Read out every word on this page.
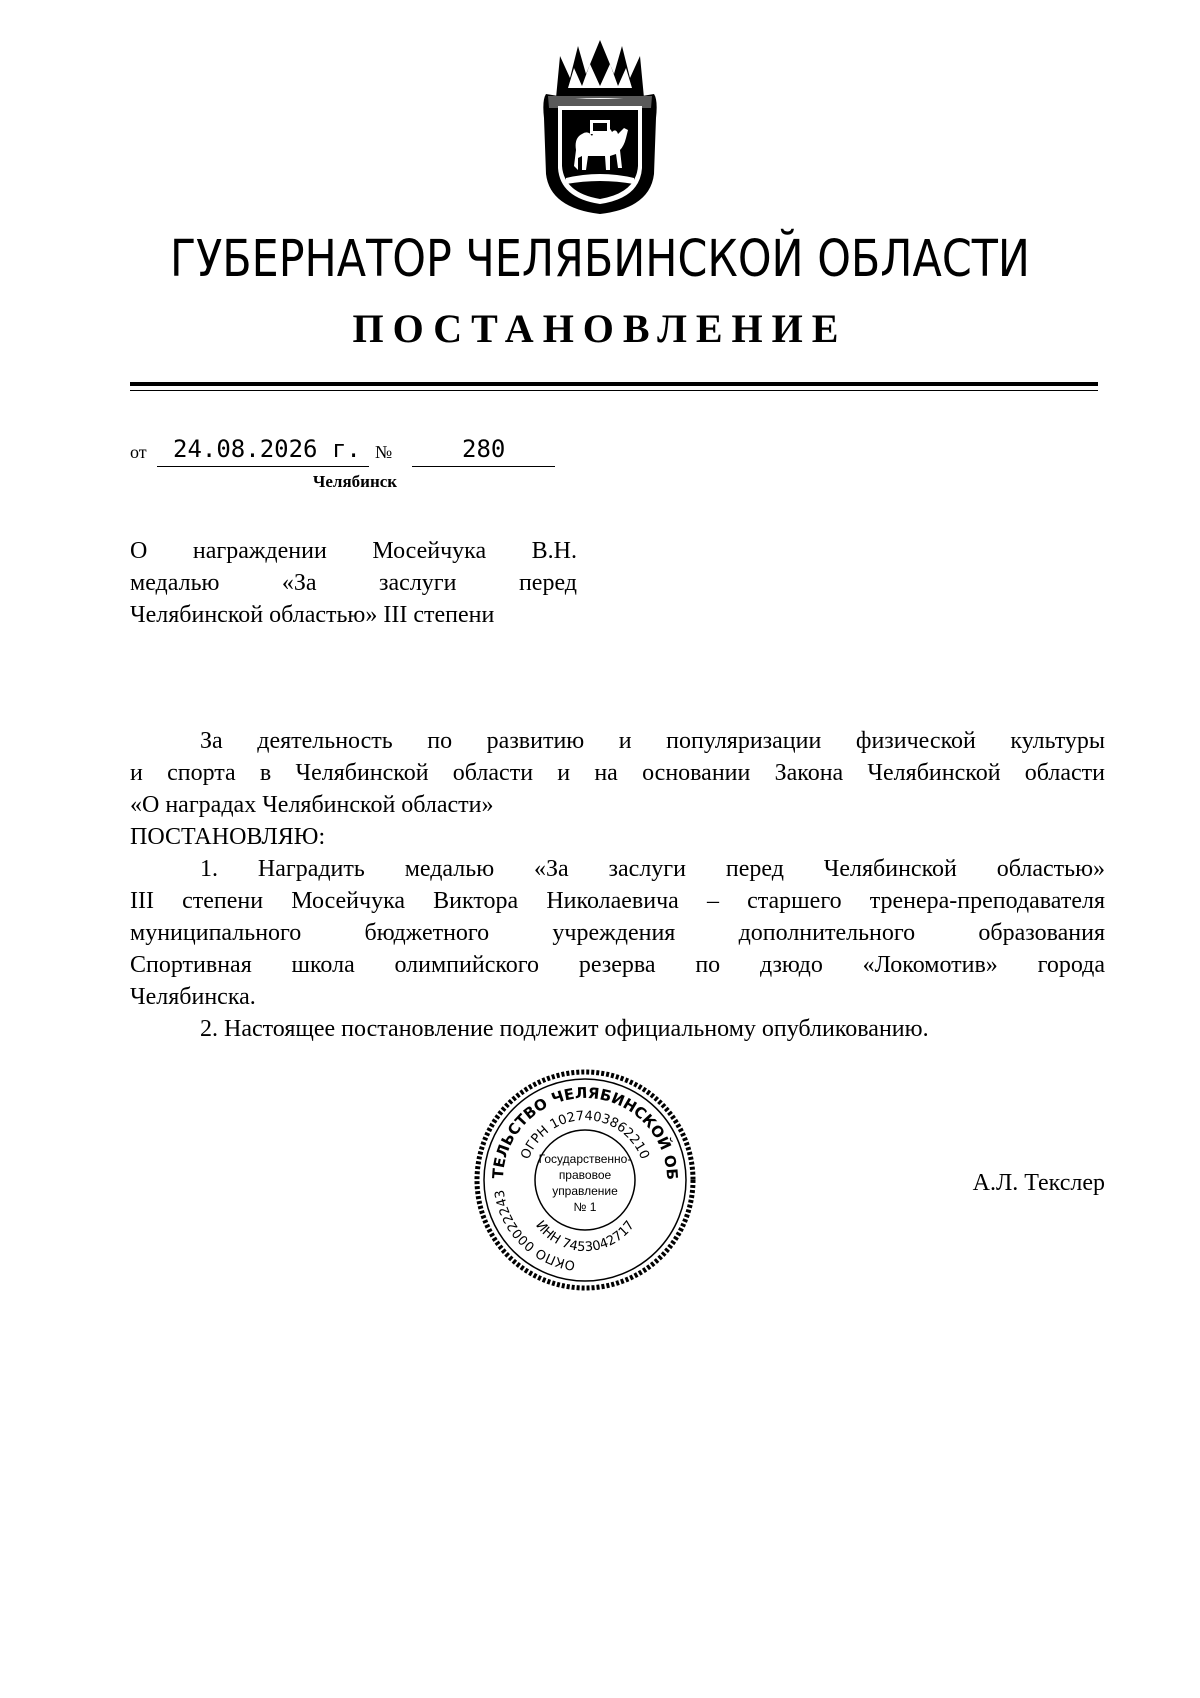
ГУБЕРНАТОР ЧЕЛЯБИНСКОЙ ОБЛАСТИ
ПОСТАНОВЛЕНИЕ
от 24.08.2026 г. №	280
Челябинск
О награждении Мосейчука В.Н.
медалью «За заслуги перед
Челябинской областью» III степени
За деятельность по развитию и популяризации физической культуры
и спорта в Челябинской области и на основании Закона Челябинской области
«О наградах Челябинской области»
ПОСТАНОВЛЯЮ:
1. Наградить медалью «За заслуги перед Челябинской областью»
III степени Мосейчука Виктора Николаевича – старшего тренера-преподавателя
муниципального бюджетного учреждения дополнительного образования
Спортивная школа олимпийского резерва по дзюдо «Локомотив» города
Челябинска.
2. Настоящее постановление подлежит официальному опубликованию.
ТЕЛЬСТВО ЧЕЛЯБИНСКОЙ ОБ
ОГРН 1027403862210
ОКПО 00022243
ИНН 7453042717
Государственно-
правовое
управление
№ 1
А.Л. Текслер
